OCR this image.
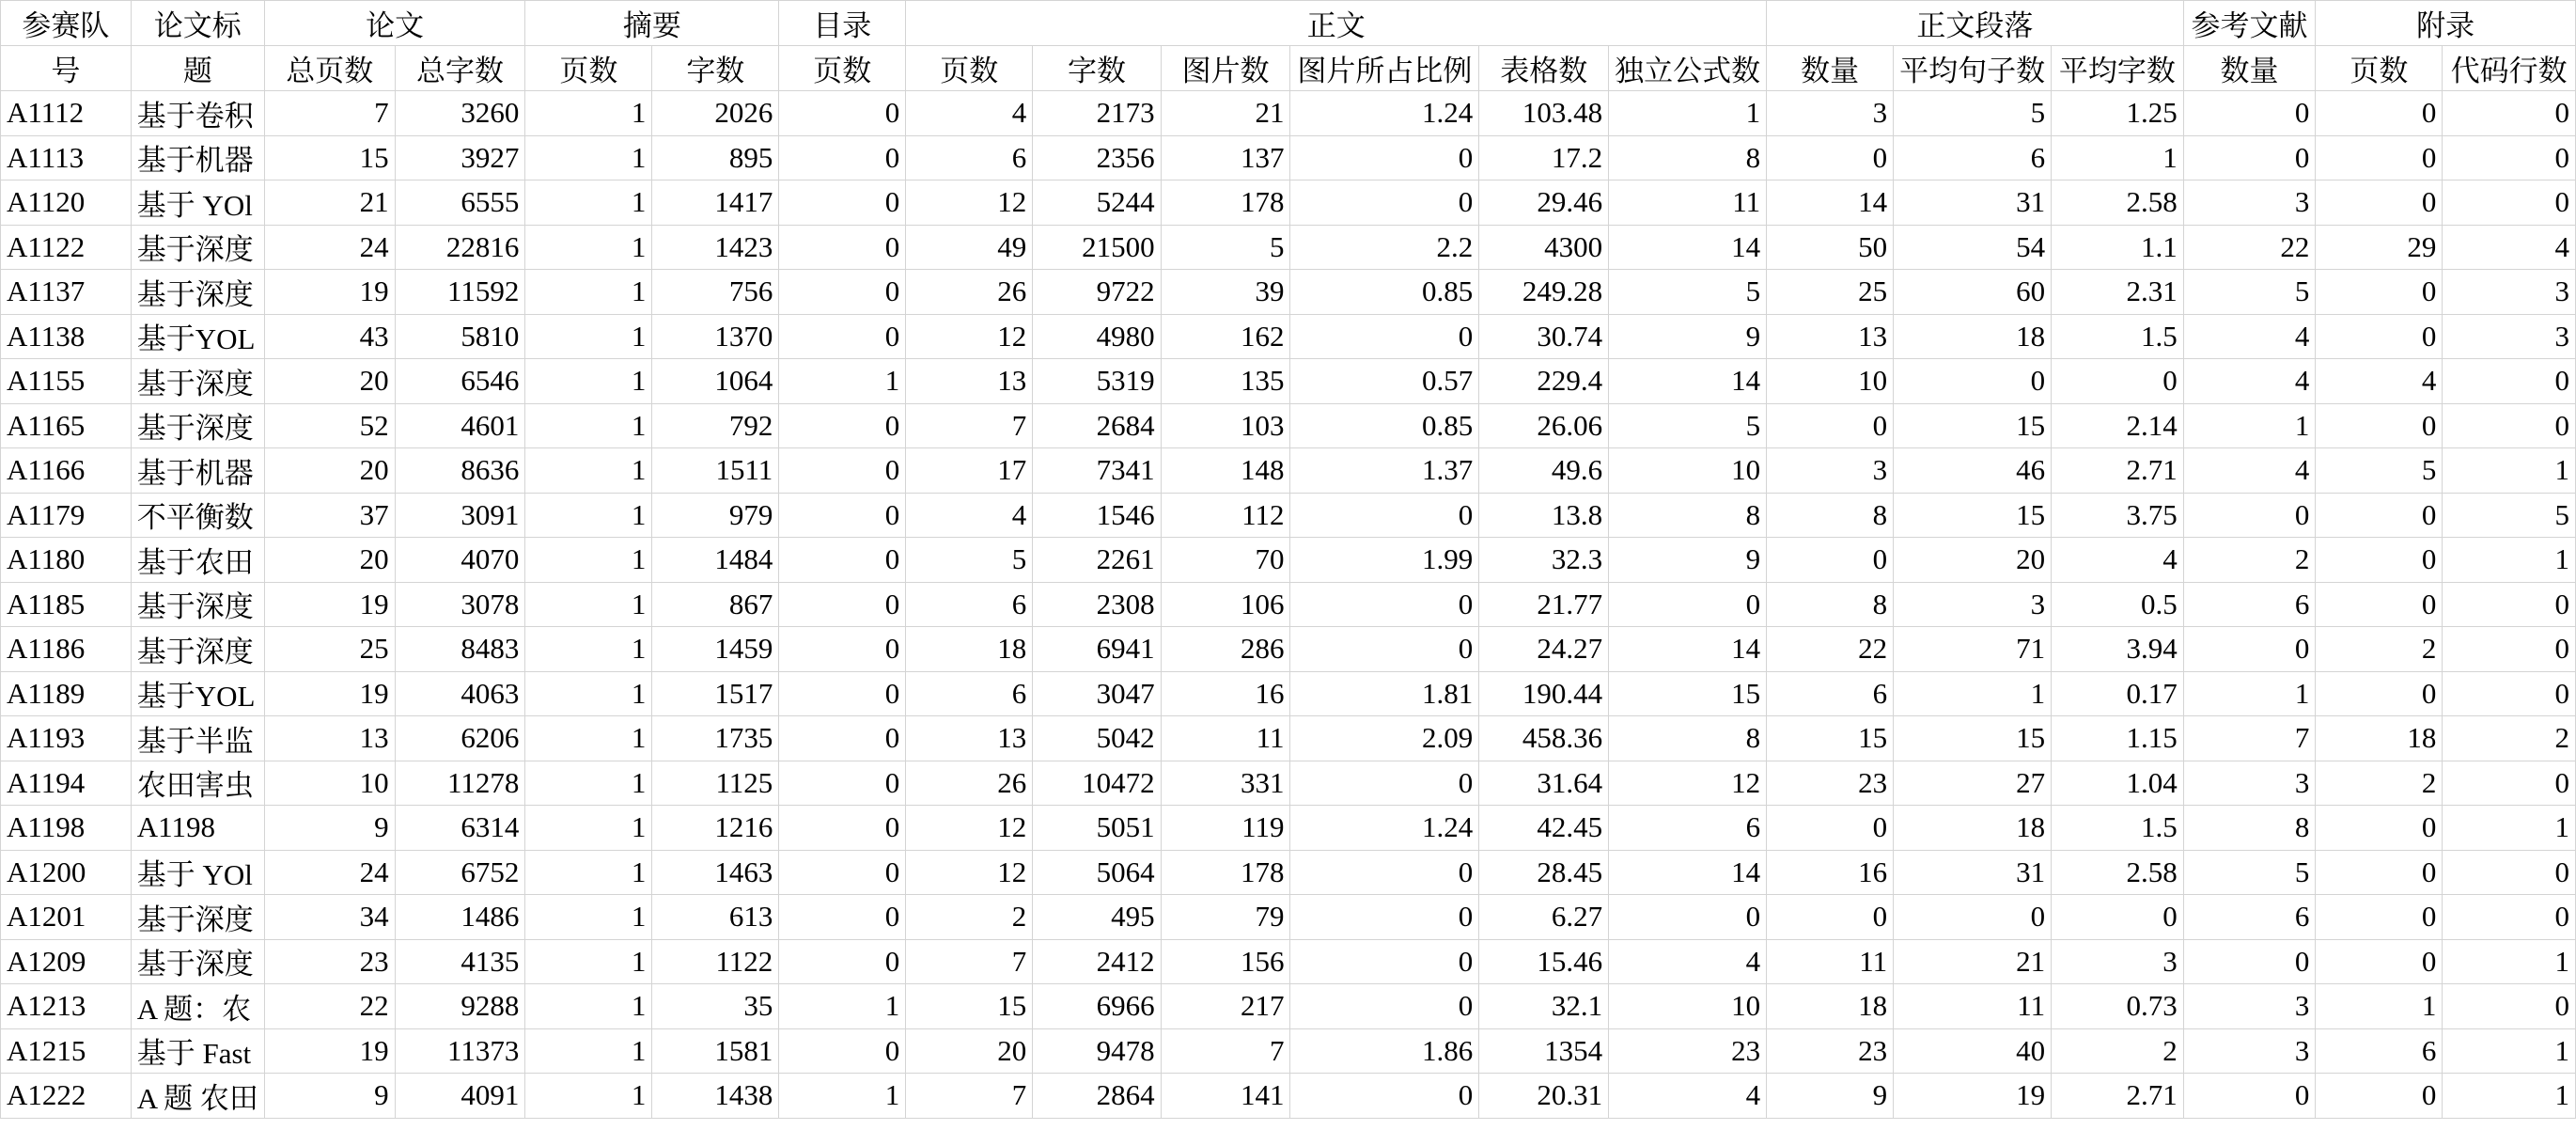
参赛队	论文标	论文		摘要		目录	正文						正文段落			参考文献	附录	
号	题	总页数	总字数	页数	字数	页数	页数	字数	图片数	图片所占比例	表格数	独立公式数	数量	平均句子数	平均字数	数量	页数	代码行数
A1112	基于卷积	7	3260	1	2026	0	4	2173	21	1.24	103.48	1	3	5	1.25	0	0	0
A1113	基于机器	15	3927	1	895	0	6	2356	137	0	17.2	8	0	6	1	0	0	0
A1120	基于 YOl	21	6555	1	1417	0	12	5244	178	0	29.46	11	14	31	2.58	3	0	0
A1122	基于深度	24	22816	1	1423	0	49	21500	5	2.2	4300	14	50	54	1.1	22	29	4
A1137	基于深度	19	11592	1	756	0	26	9722	39	0.85	249.28	5	25	60	2.31	5	0	3
A1138	基于YOL	43	5810	1	1370	0	12	4980	162	0	30.74	9	13	18	1.5	4	0	3
A1155	基于深度	20	6546	1	1064	1	13	5319	135	0.57	229.4	14	10	0	0	4	4	0
A1165	基于深度	52	4601	1	792	0	7	2684	103	0.85	26.06	5	0	15	2.14	1	0	0
A1166	基于机器	20	8636	1	1511	0	17	7341	148	1.37	49.6	10	3	46	2.71	4	5	1
A1179	不平衡数	37	3091	1	979	0	4	1546	112	0	13.8	8	8	15	3.75	0	0	5
A1180	基于农田	20	4070	1	1484	0	5	2261	70	1.99	32.3	9	0	20	4	2	0	1
A1185	基于深度	19	3078	1	867	0	6	2308	106	0	21.77	0	8	3	0.5	6	0	0
A1186	基于深度	25	8483	1	1459	0	18	6941	286	0	24.27	14	22	71	3.94	0	2	0
A1189	基于YOL	19	4063	1	1517	0	6	3047	16	1.81	190.44	15	6	1	0.17	1	0	0
A1193	基于半监	13	6206	1	1735	0	13	5042	11	2.09	458.36	8	15	15	1.15	7	18	2
A1194	农田害虫	10	11278	1	1125	0	26	10472	331	0	31.64	12	23	27	1.04	3	2	0
A1198	A1198	9	6314	1	1216	0	12	5051	119	1.24	42.45	6	0	18	1.5	8	0	1
A1200	基于 YOl	24	6752	1	1463	0	12	5064	178	0	28.45	14	16	31	2.58	5	0	0
A1201	基于深度	34	1486	1	613	0	2	495	79	0	6.27	0	0	0	0	6	0	0
A1209	基于深度	23	4135	1	1122	0	7	2412	156	0	15.46	4	11	21	3	0	0	1
A1213	A 题：农	22	9288	1	35	1	15	6966	217	0	32.1	10	18	11	0.73	3	1	0
A1215	基于 Fast	19	11373	1	1581	0	20	9478	7	1.86	1354	23	23	40	2	3	6	1
A1222	A 题 农田	9	4091	1	1438	1	7	2864	141	0	20.31	4	9	19	2.71	0	0	1
